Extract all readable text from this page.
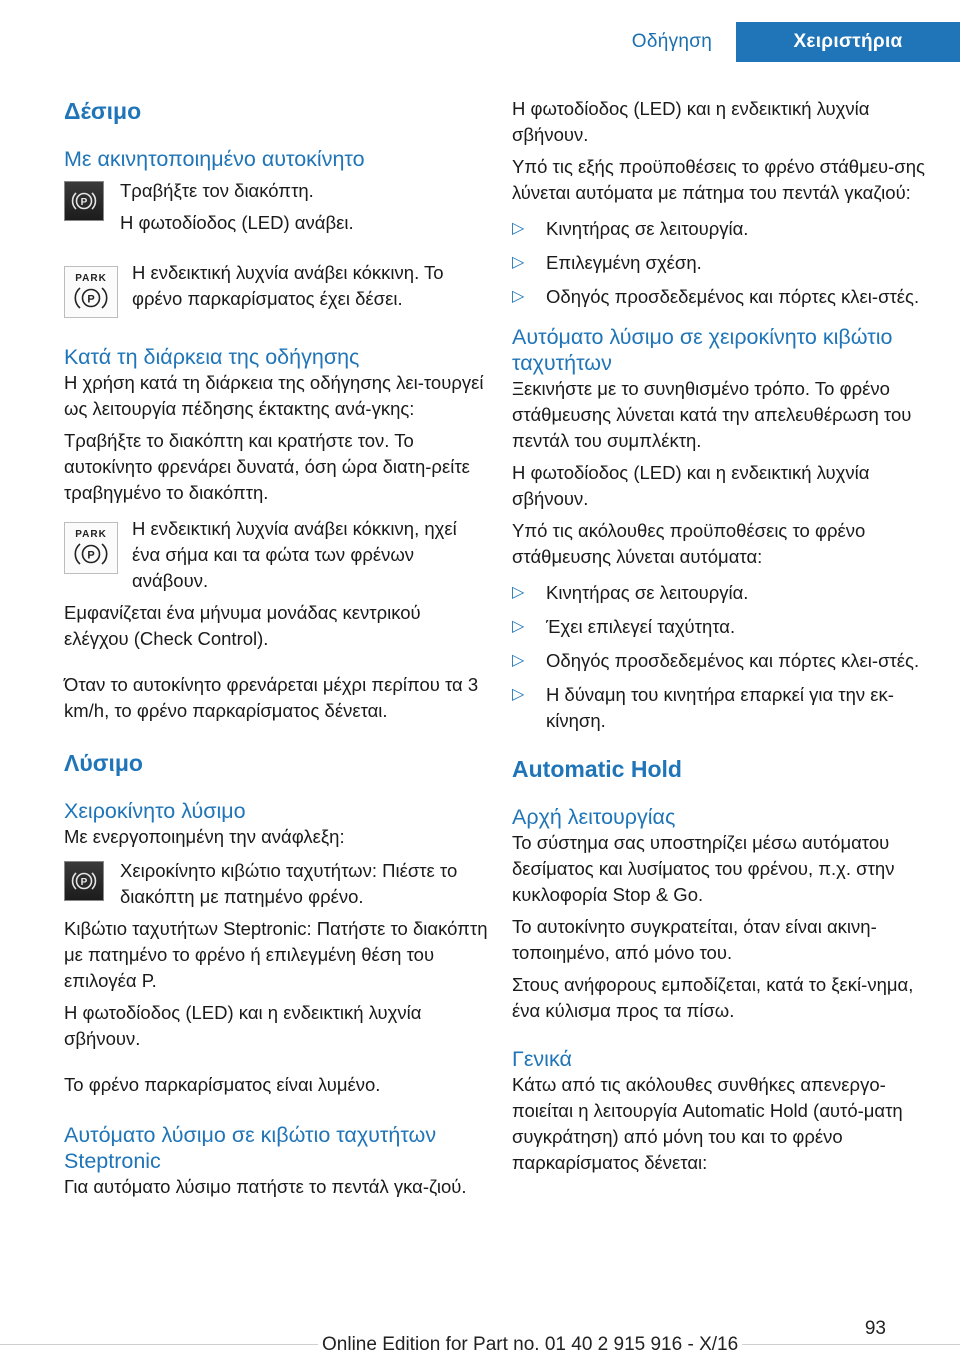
Οδήγηση	Χειριστήρια
Δέσιμο
Με ακινητοποιημένο αυτοκίνητο
P

Τραβήξτε τον διακόπτη.

Η φωτοδίοδος (LED) ανάβει.

PARK
P

Η ενδεικτική λυχνία ανάβει κόκκινη. Το φρένο παρκαρίσματος έχει δέσει.

Κατά τη διάρκεια της οδήγησης

Η χρήση κατά τη διάρκεια της οδήγησης λει-τουργεί ως λειτουργία πέδησης έκτακτης ανά-γκης:

Τραβήξτε το διακόπτη και κρατήστε τον. Το αυτοκίνητο φρενάρει δυνατά, όση ώρα διατη-ρείτε τραβηγμένο το διακόπτη.

PARK
P

Η ενδεικτική λυχνία ανάβει κόκκινη, ηχεί ένα σήμα και τα φώτα των φρένων ανάβουν.

Εμφανίζεται ένα μήνυμα μονάδας κεντρικού ελέγχου (Check Control).

Όταν το αυτοκίνητο φρενάρεται μέχρι περίπου τα 3 km/h, το φρένο παρκαρίσματος δένεται.

Λύσιμο
Χειροκίνητο λύσιμο

Με ενεργοποιημένη την ανάφλεξη:

P

Χειροκίνητο κιβώτιο ταχυτήτων: Πιέστε το διακόπτη με πατημένο φρένο.

Κιβώτιο ταχυτήτων Steptronic: Πατήστε το διακόπτη με πατημένο το φρένο ή επιλεγμένη θέση του επιλογέα P.

Η φωτοδίοδος (LED) και η ενδεικτική λυχνία σβήνουν.

Το φρένο παρκαρίσματος είναι λυμένο.

Αυτόματο λύσιμο σε κιβώτιο ταχυτήτων Steptronic

Για αυτόματο λύσιμο πατήστε το πεντάλ γκα-ζιού.

Η φωτοδίοδος (LED) και η ενδεικτική λυχνία σβήνουν.

Υπό τις εξής προϋποθέσεις το φρένο στάθμευ-σης λύνεται αυτόματα με πάτημα του πεντάλ γκαζιού:

▷	Κινητήρας σε λειτουργία.
▷	Επιλεγμένη σχέση.
▷	Οδηγός προσδεδεμένος και πόρτες κλει-στές.
Αυτόματο λύσιμο σε χειροκίνητο κιβώτιο ταχυτήτων

Ξεκινήστε με το συνηθισμένο τρόπο. Το φρένο στάθμευσης λύνεται κατά την απελευθέρωση του πεντάλ του συμπλέκτη.

Η φωτοδίοδος (LED) και η ενδεικτική λυχνία σβήνουν.

Υπό τις ακόλουθες προϋποθέσεις το φρένο στάθμευσης λύνεται αυτόματα:

▷	Κινητήρας σε λειτουργία.
▷	Έχει επιλεγεί ταχύτητα.
▷	Οδηγός προσδεδεμένος και πόρτες κλει-στές.
▷	Η δύναμη του κινητήρα επαρκεί για την εκ-κίνηση.
Automatic Hold
Αρχή λειτουργίας

Το σύστημα σας υποστηρίζει μέσω αυτόματου δεσίματος και λυσίματος του φρένου, π.χ. στην κυκλοφορία Stop & Go.

Το αυτοκίνητο συγκρατείται, όταν είναι ακινη-τοποιημένο, από μόνο του.

Στους ανήφορους εμποδίζεται, κατά το ξεκί-νημα, ένα κύλισμα προς τα πίσω.

Γενικά

Κάτω από τις ακόλουθες συνθήκες απενεργο-ποιείται η λειτουργία Automatic Hold (αυτό-ματη συγκράτηση) από μόνη του και το φρένο παρκαρίσματος δένεται:

93
Online Edition for Part no. 01 40 2 915 916 - X/16
